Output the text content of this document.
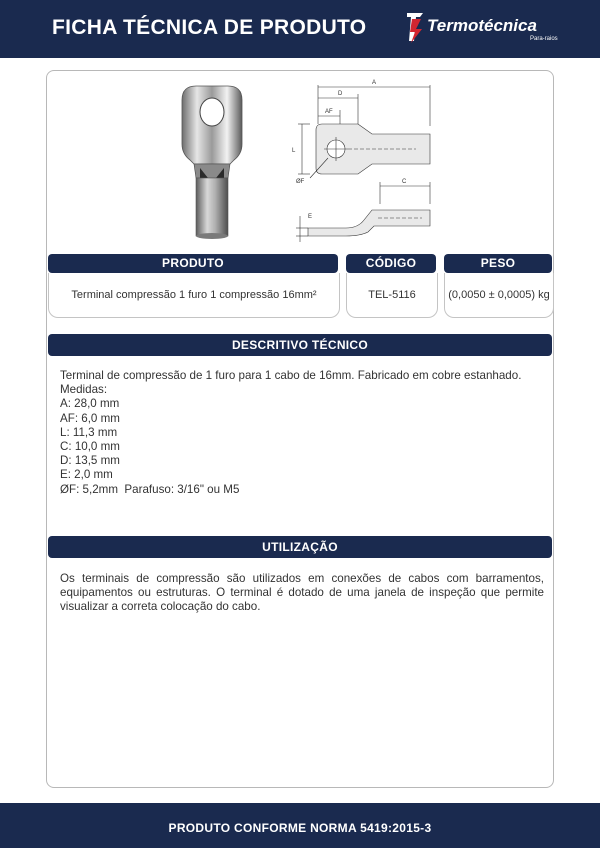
FICHA TÉCNICA DE PRODUTO	Termotécnica
Para-raios
A
D
AF
L
ØF	C
E
PRODUTO	CÓDIGO	PESO
Terminal compressão 1 furo 1 compressão 16mm²	TEL-5116	(0,0050 ± 0,0005) kg
DESCRITIVO TÉCNICO
Terminal de compressão de 1 furo para 1 cabo de 16mm. Fabricado em cobre estanhado.
Medidas:
A: 28,0 mm
AF: 6,0 mm
L: 11,3 mm
C: 10,0 mm
D: 13,5 mm
E: 2,0 mm
ØF: 5,2mm  Parafuso: 3/16" ou M5
UTILIZAÇÃO
Os terminais de compressão são utilizados em conexões de cabos com barramentos, equipamentos ou estruturas. O terminal é dotado de uma janela de inspeção que permite visualizar a correta colocação do cabo.
PRODUTO CONFORME NORMA 5419:2015-3
